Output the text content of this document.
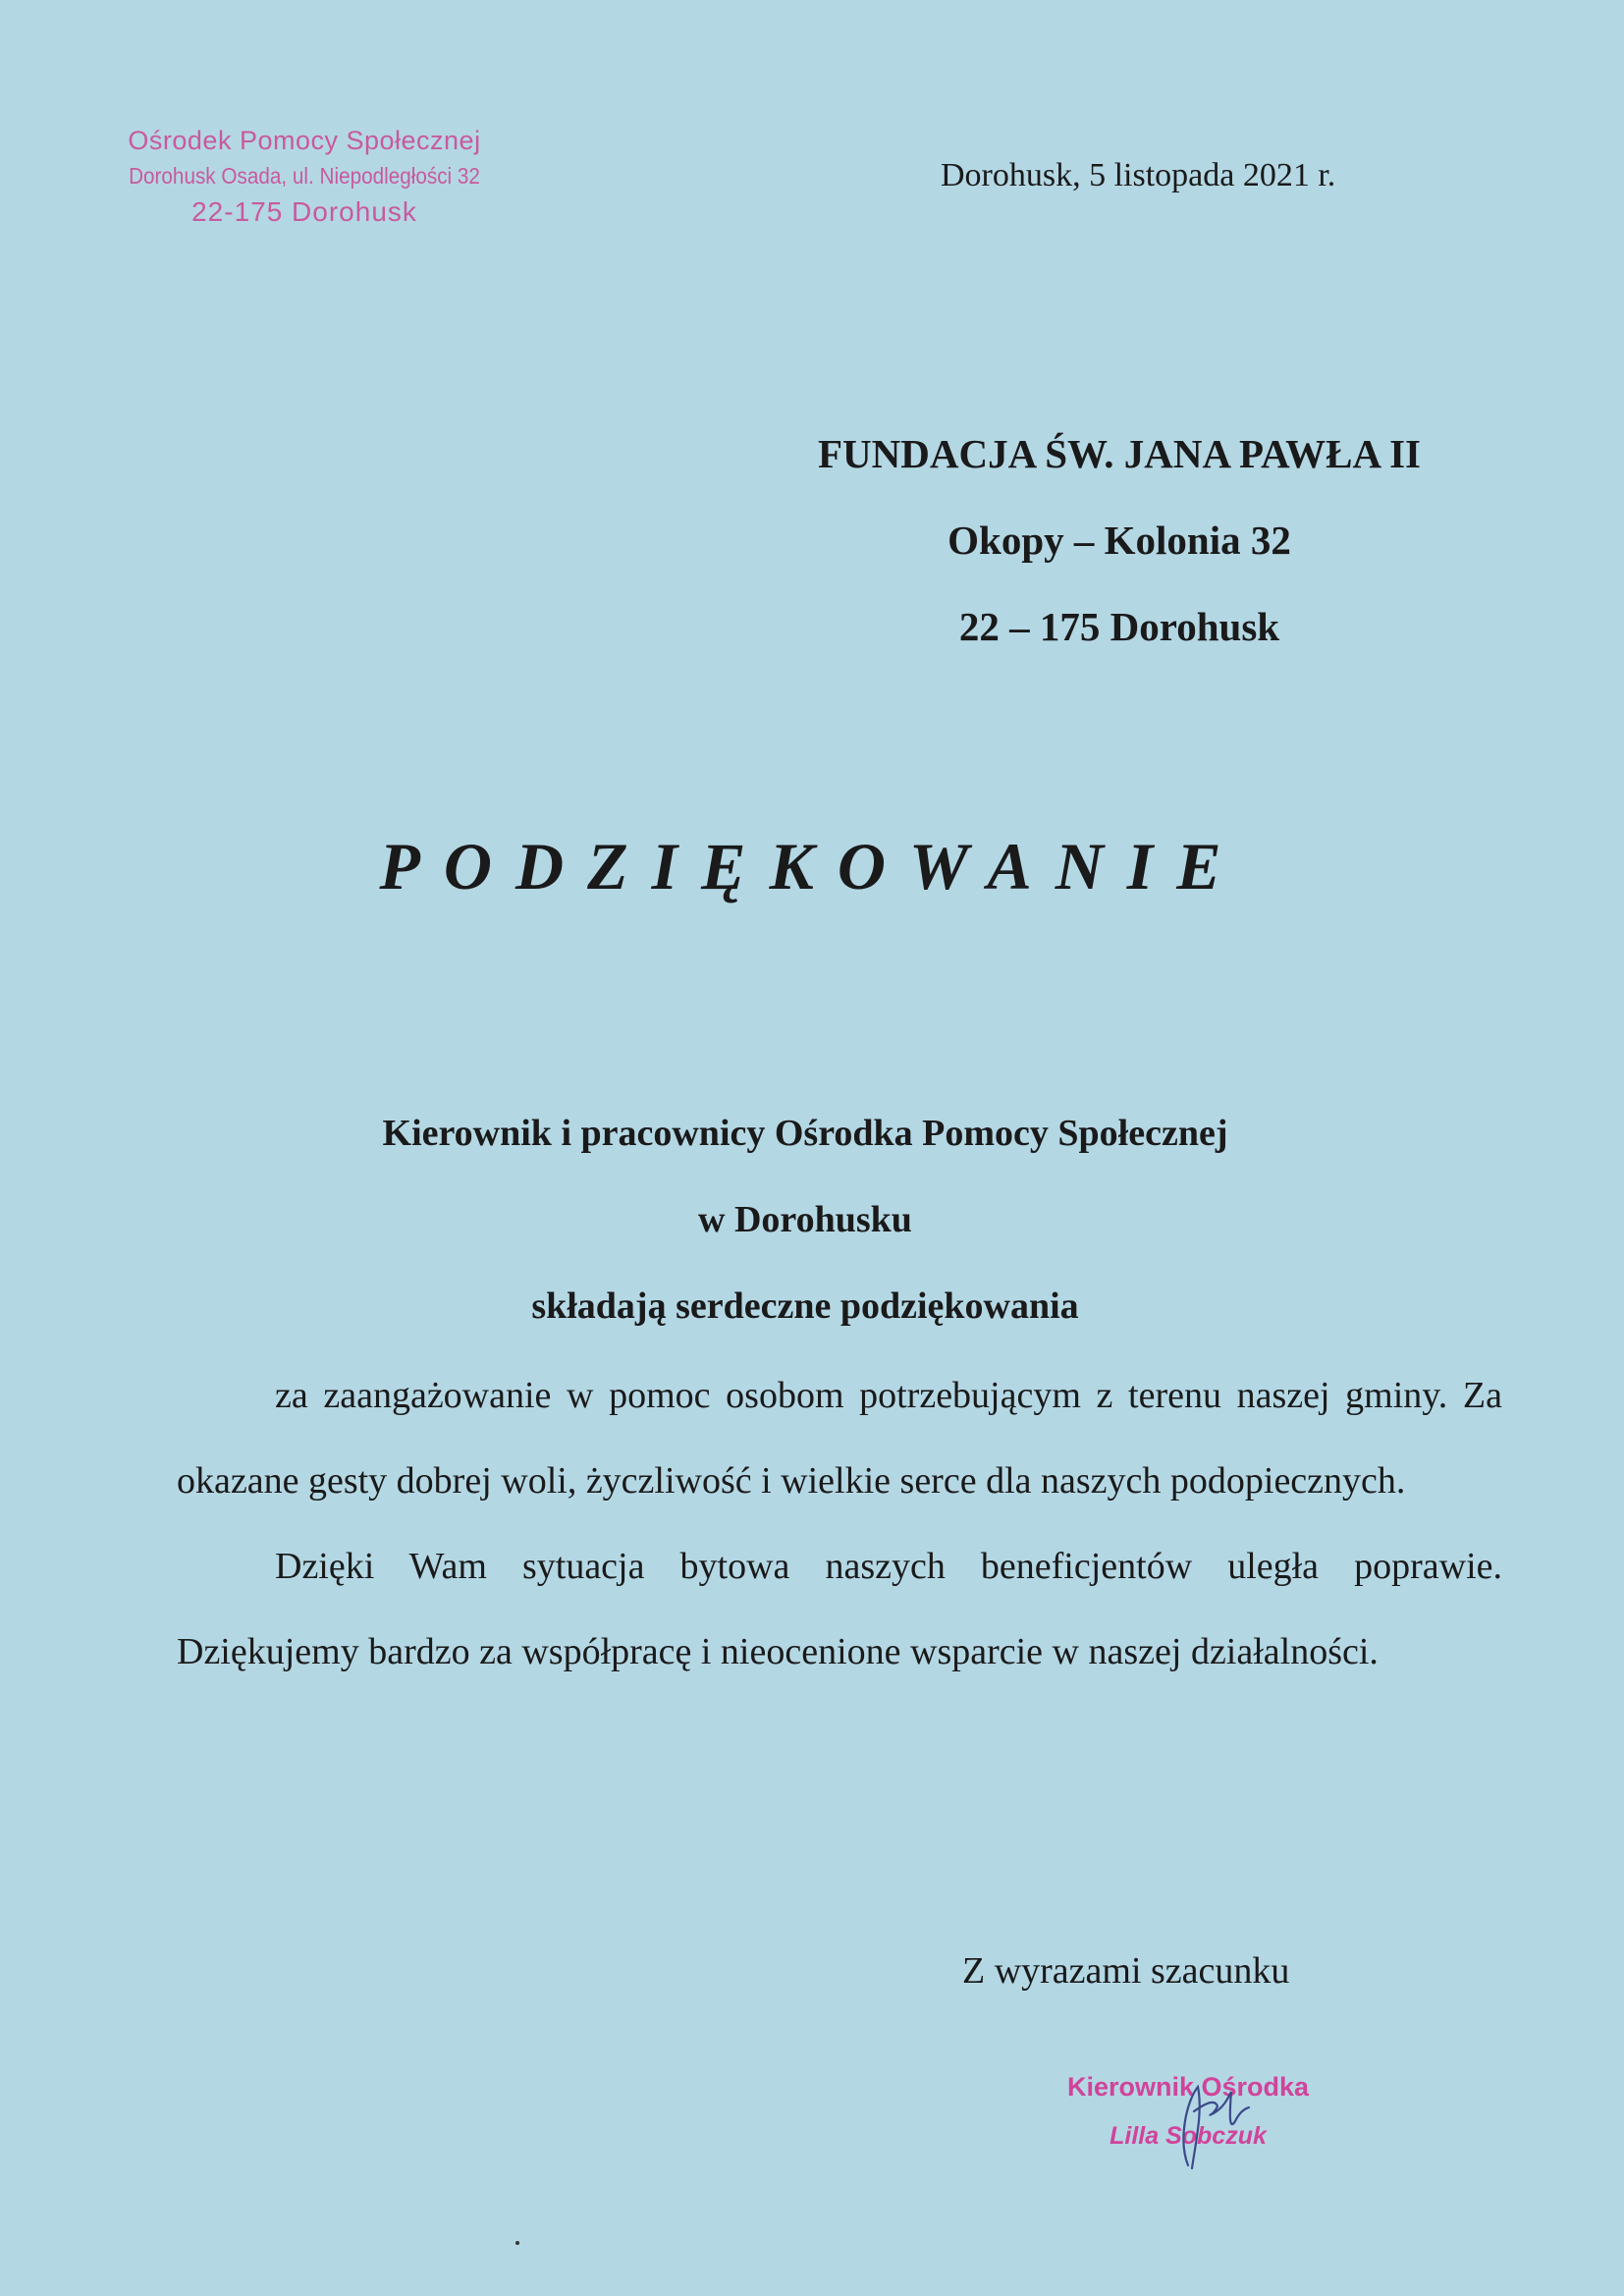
Ośrodek Pomocy Społecznej
Dorohusk Osada, ul. Niepodległości 32
22-175 Dorohusk
Dorohusk, 5 listopada 2021 r.
FUNDACJA ŚW. JANA PAWŁA II
Okopy – Kolonia 32
22 – 175 Dorohusk
PODZIĘKOWANIE
Kierownik i pracownicy Ośrodka Pomocy Społecznej
w Dorohusku
składają serdeczne podziękowania

za zaangażowanie w pomoc osobom potrzebującym z terenu naszej gminy. Za okazane gesty dobrej woli, życzliwość i wielkie serce dla naszych podopiecznych.

Dzięki Wam sytuacja bytowa naszych beneficjentów uległa poprawie. Dziękujemy bardzo za współpracę i nieocenione wsparcie w naszej działalności.

Z wyrazami szacunku
Kierownik Ośrodka
Lilla Sobczuk
